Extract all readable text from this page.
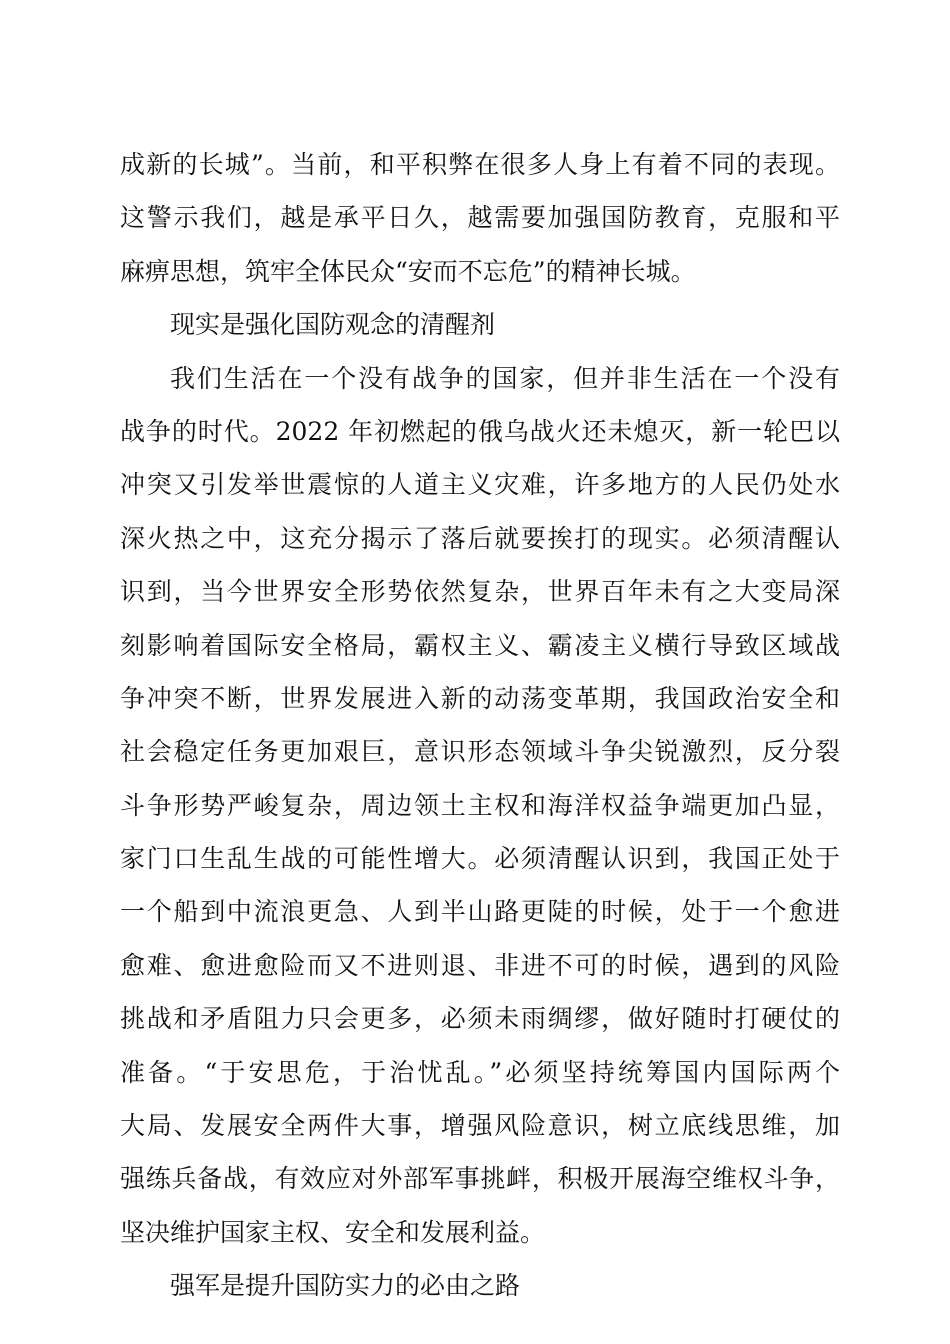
成新的长城”。当前，和平积弊在很多人身上有着不同的表现。
这警示我们，越是承平日久，越需要加强国防教育，克服和平
麻痹思想，筑牢全体民众“安而不忘危”的精神长城。
现实是强化国防观念的清醒剂
我们生活在一个没有战争的国家，但并非生活在一个没有
战争的时代。2022 年初燃起的俄乌战火还未熄灭，新一轮巴以
冲突又引发举世震惊的人道主义灾难，许多地方的人民仍处水
深火热之中，这充分揭示了落后就要挨打的现实。必须清醒认
识到，当今世界安全形势依然复杂，世界百年未有之大变局深
刻影响着国际安全格局，霸权主义、霸凌主义横行导致区域战
争冲突不断，世界发展进入新的动荡变革期，我国政治安全和
社会稳定任务更加艰巨，意识形态领域斗争尖锐激烈，反分裂
斗争形势严峻复杂，周边领土主权和海洋权益争端更加凸显，
家门口生乱生战的可能性增大。必须清醒认识到，我国正处于
一个船到中流浪更急、人到半山路更陡的时候，处于一个愈进
愈难、愈进愈险而又不进则退、非进不可的时候，遇到的风险
挑战和矛盾阻力只会更多，必须未雨绸缪，做好随时打硬仗的
准备。“于安思危，于治忧乱。”必须坚持统筹国内国际两个
大局、发展安全两件大事，增强风险意识，树立底线思维，加
强练兵备战，有效应对外部军事挑衅，积极开展海空维权斗争，
坚决维护国家主权、安全和发展利益。
强军是提升国防实力的必由之路
